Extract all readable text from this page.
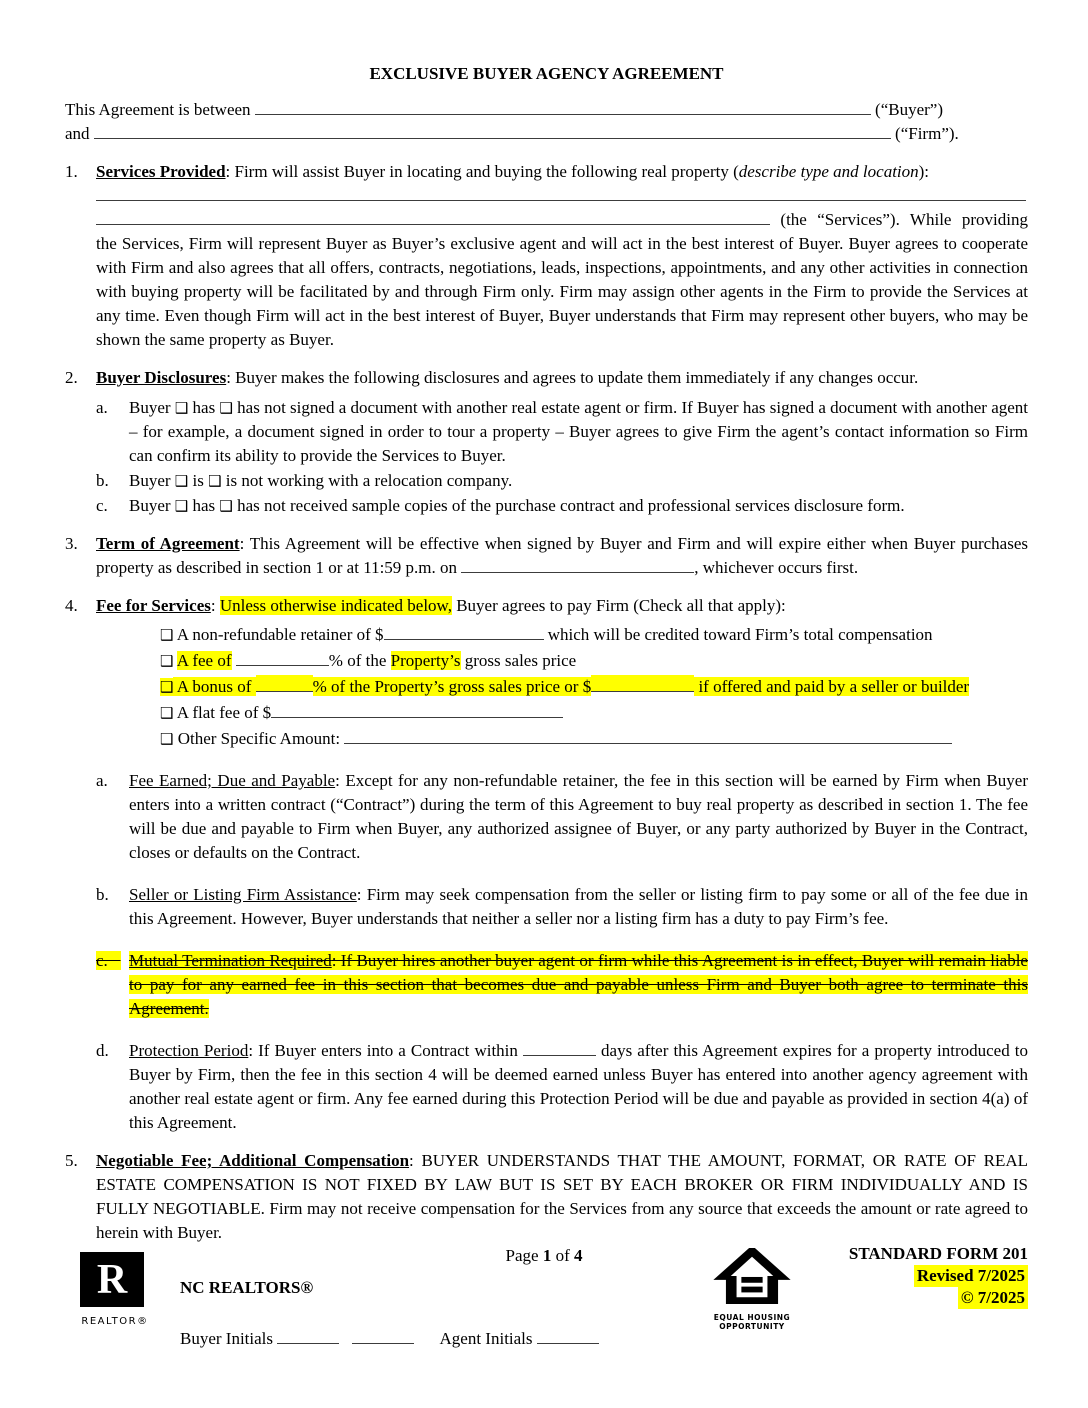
EXCLUSIVE BUYER AGENCY AGREEMENT
This Agreement is between	(“Buyer”)
and	(“Firm”).
1.	Services Provided: Firm will assist Buyer in locating and buying the following real property (describe type and location):

(the “Services”). While providing the Services, Firm will represent Buyer as Buyer’s exclusive agent and will act in the best interest of Buyer. Buyer agrees to cooperate with Firm and also agrees that all offers, contracts, negotiations, leads, inspections, appointments, and any other activities in connection with buying property will be facilitated by and through Firm only. Firm may assign other agents in the Firm to provide the Services at any time. Even though Firm will act in the best interest of Buyer, Buyer understands that Firm may represent other buyers, who may be shown the same property as Buyer.
2.	Buyer Disclosures: Buyer makes the following disclosures and agrees to update them immediately if any changes occur.
a.	Buyer ❑ has ❑ has not signed a document with another real estate agent or firm. If Buyer has signed a document with another agent – for example, a document signed in order to tour a property – Buyer agrees to give Firm the agent’s contact information so Firm can confirm its ability to provide the Services to Buyer.
b.	Buyer ❑ is ❑ is not working with a relocation company.
c.	Buyer ❑ has ❑ has not received sample copies of the purchase contract and professional services disclosure form.
3.	Term of Agreement: This Agreement will be effective when signed by Buyer and Firm and will expire either when Buyer purchases property as described in section 1 or at 11:59 p.m. on	, whichever occurs first.
4.	Fee for Services: Unless otherwise indicated below, Buyer agrees to pay Firm (Check all that apply):
❑ A non-refundable retainer of $	which will be credited toward Firm’s total compensation
❑ A fee of	% of the Property’s gross sales price
❑ A bonus of	% of the Property’s gross sales price or $	if offered and paid by a seller or builder
❑ A flat fee of $
❑ Other Specific Amount:
a.	Fee Earned; Due and Payable: Except for any non-refundable retainer, the fee in this section will be earned by Firm when Buyer enters into a written contract (“Contract”) during the term of this Agreement to buy real property as described in section 1. The fee will be due and payable to Firm when Buyer, any authorized assignee of Buyer, or any party authorized by Buyer in the Contract, closes or defaults on the Contract.
b.	Seller or Listing Firm Assistance: Firm may seek compensation from the seller or listing firm to pay some or all of the fee due in this Agreement. However, Buyer understands that neither a seller nor a listing firm has a duty to pay Firm’s fee.
c. Mutual Termination Required: If Buyer hires another buyer agent or firm while this Agreement is in effect, Buyer will remain liable to pay for any earned fee in this section that becomes due and payable unless Firm and Buyer both agree to terminate this Agreement.
d.	Protection Period: If Buyer enters into a Contract within	days after this Agreement expires for a property introduced to Buyer by Firm, then the fee in this section 4 will be deemed earned unless Buyer has entered into another agency agreement with another real estate agent or firm. Any fee earned during this Protection Period will be due and payable as provided in section 4(a) of this Agreement.
5.	Negotiable Fee; Additional Compensation: BUYER UNDERSTANDS THAT THE AMOUNT, FORMAT, OR RATE OF REAL ESTATE COMPENSATION IS NOT FIXED BY LAW BUT IS SET BY EACH BROKER OR FIRM INDIVIDUALLY AND IS FULLY NEGOTIABLE. Firm may not receive compensation for the Services from any source that exceeds the amount or rate agreed to herein with Buyer.
Page 1 of 4
R
REALTOR®
NC REALTORS®
EQUAL HOUSING
OPPORTUNITY
STANDARD FORM 201
Revised 7/2025
© 7/2025
Buyer Initials	Agent Initials
